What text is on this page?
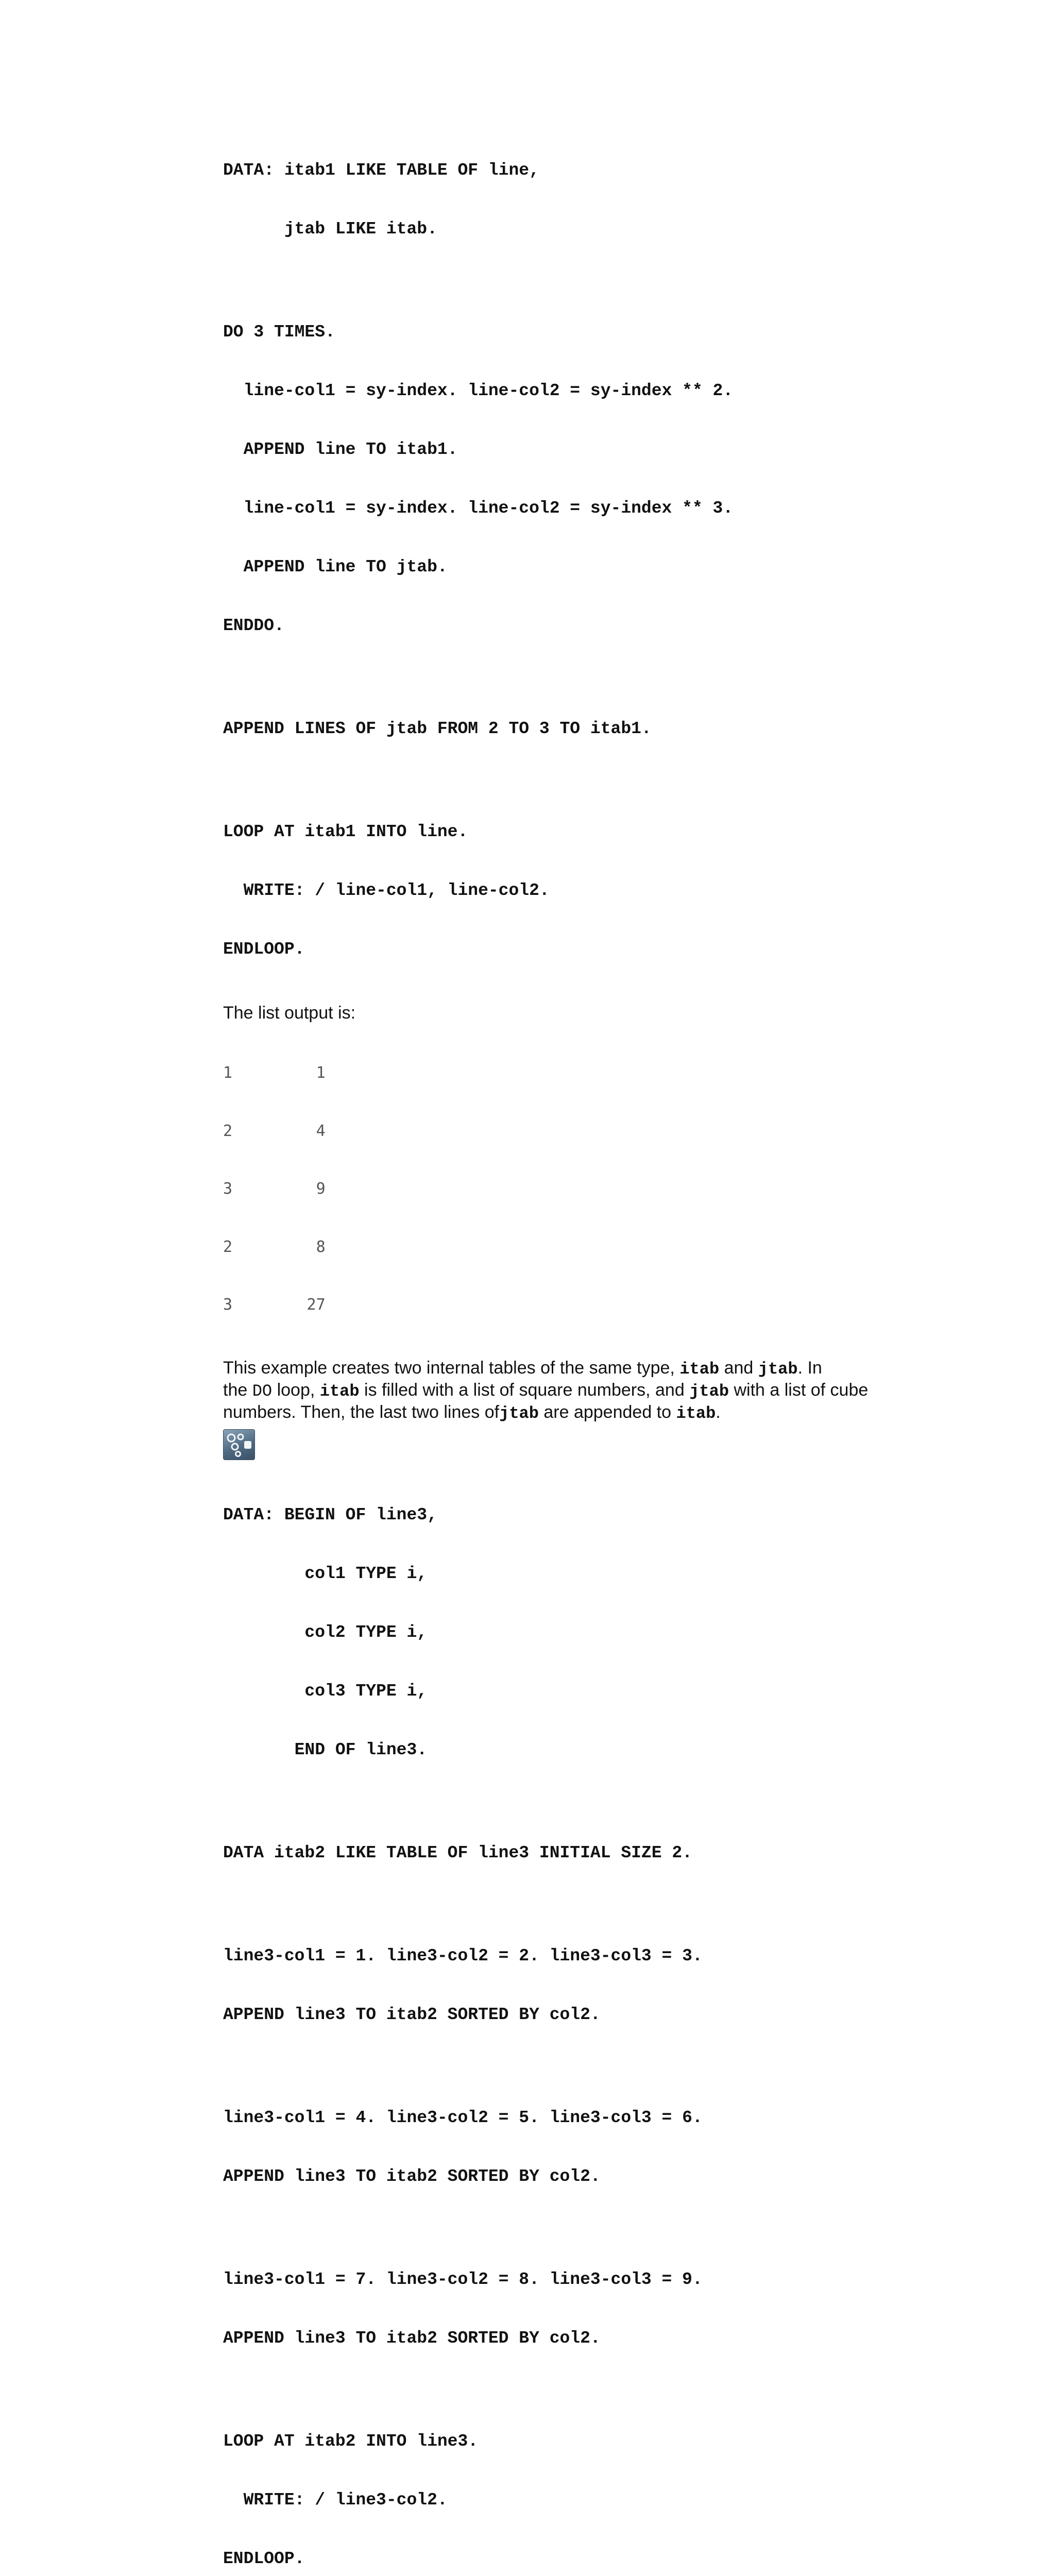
DATA: itab1 LIKE TABLE OF line,

jtab LIKE itab.

DO 3 TIMES.

line-col1 = sy-index. line-col2 = sy-index ** 2.

APPEND line TO itab1.

line-col1 = sy-index. line-col2 = sy-index ** 3.

APPEND line TO jtab.

ENDDO.

APPEND LINES OF jtab FROM 2 TO 3 TO itab1.

LOOP AT itab1 INTO line.

WRITE: / line-col1, line-col2.

ENDLOOP.

The list output is:

1         1

2         4

3         9

2         8

3        27

This example creates two internal tables of the same type, itab and jtab. In
the DO loop, itab is filled with a list of square numbers, and jtab with a list of cube
numbers. Then, the last two lines ofjtab are appended to itab.

DATA: BEGIN OF line3,

col1 TYPE i,

col2 TYPE i,

col3 TYPE i,

END OF line3.

DATA itab2 LIKE TABLE OF line3 INITIAL SIZE 2.

line3-col1 = 1. line3-col2 = 2. line3-col3 = 3.

APPEND line3 TO itab2 SORTED BY col2.

line3-col1 = 4. line3-col2 = 5. line3-col3 = 6.

APPEND line3 TO itab2 SORTED BY col2.

line3-col1 = 7. line3-col2 = 8. line3-col3 = 9.

APPEND line3 TO itab2 SORTED BY col2.

LOOP AT itab2 INTO line3.

WRITE: / line3-col2.

ENDLOOP.
